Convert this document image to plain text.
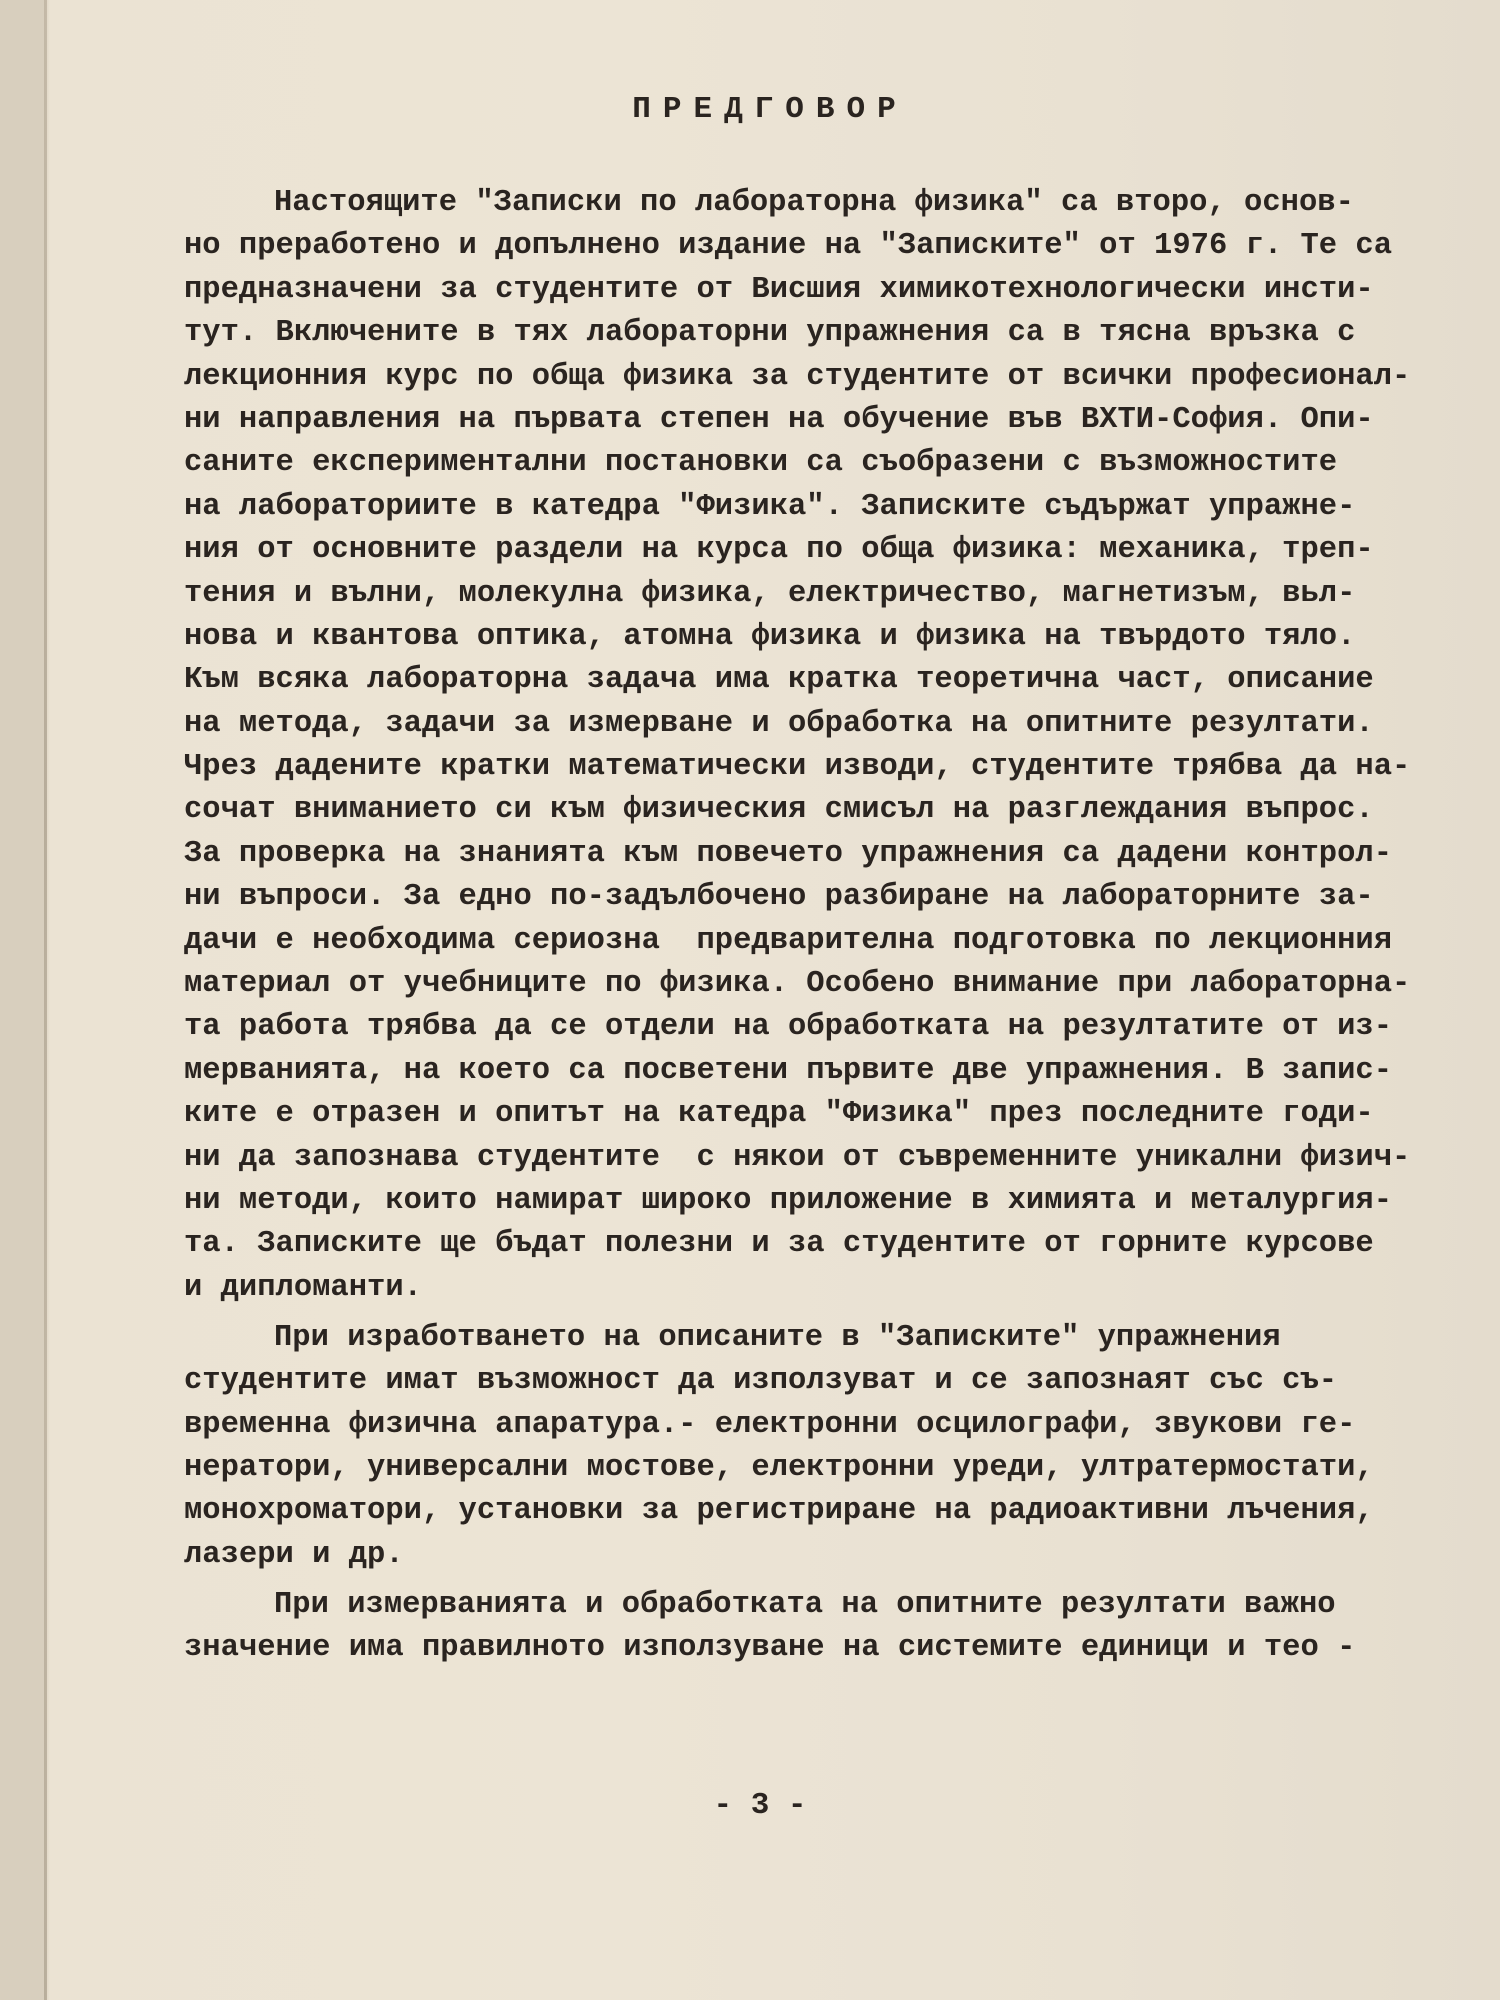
ПРЕДГОВОР
Настоящите "Записки по лабораторна физика" са второ, основ-
но преработено и допълнено издание на "Записките" от 1976 г. Те са
предназначени за студентите от Висшия химикотехнологически инсти-
тут. Включените в тях лабораторни упражнения са в тясна връзка с
лекционния курс по обща физика за студентите от всички професионал-
ни направления на първата степен на обучение във ВХТИ-София. Опи-
саните експериментални постановки са съобразени с възможностите
на лабораториите в катедра "Физика". Записките съдържат упражне-
ния от основните раздели на курса по обща физика: механика, треп-
тения и вълни, молекулна физика, електричество, магнетизъм, вьл-
нова и квантова оптика, атомна физика и физика на твърдото тяло.
Към всяка лабораторна задача има кратка теоретична част, описание
на метода, задачи за измерване и обработка на опитните резултати.
Чрез дадените кратки математически изводи, студентите трябва да на-
сочат вниманието си към физическия смисъл на разглеждания въпрос.
За проверка на знанията към повечето упражнения са дадени контрол-
ни въпроси. За едно по-задълбочено разбиране на лабораторните за-
дачи е необходима сериозна  предварителна подготовка по лекционния
материал от учебниците по физика. Особено внимание при лабораторна-
та работа трябва да се отдели на обработката на резултатите от из-
мерванията, на което са посветени първите две упражнения. В запис-
ките е отразен и опитът на катедра "Физика" през последните годи-
ни да запознава студентите  с някои от съвременните уникални физич-
ни методи, които намират широко приложение в химията и металургия-
та. Записките ще бъдат полезни и за студентите от горните курсове
и дипломанти.
При изработването на описаните в "Записките" упражнения
студентите имат възможност да използуват и се запознаят със съ-
временна физична апаратура.- електронни осцилографи, звукови ге-
нератори, универсални мостове, електронни уреди, ултратермостати,
монохроматори, установки за регистриране на радиоактивни лъчения,
лазери и др.
При измерванията и обработката на опитните резултати важно
значение има правилното използуване на системите единици и тео -
- 3 -
